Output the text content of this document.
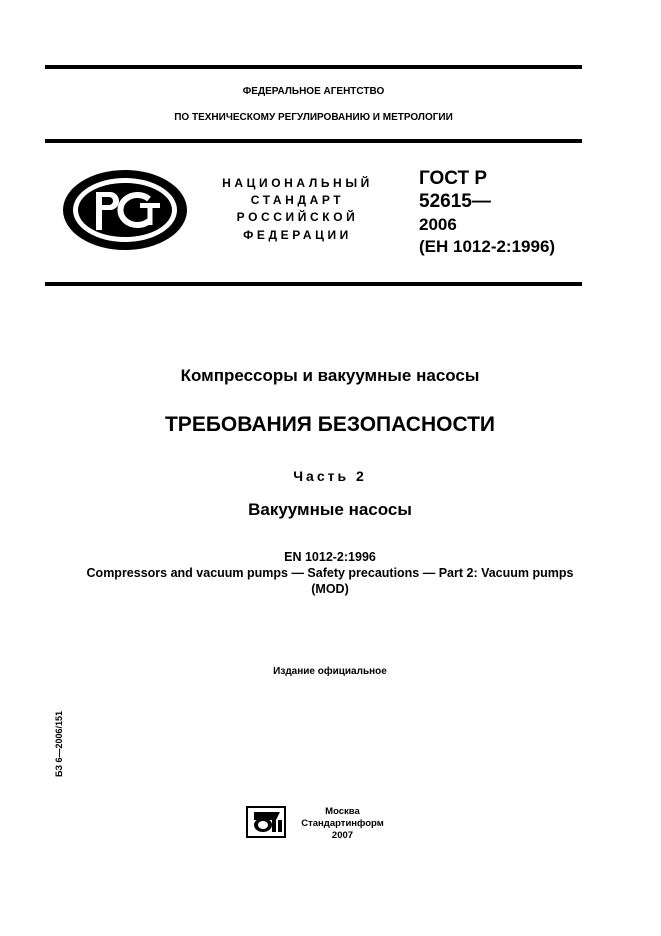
ФЕДЕРАЛЬНОЕ АГЕНТСТВО
ПО ТЕХНИЧЕСКОМУ РЕГУЛИРОВАНИЮ И МЕТРОЛОГИИ
НАЦИОНАЛЬНЫЙ
СТАНДАРТ
РОССИЙСКОЙ
ФЕДЕРАЦИИ
ГОСТ Р
52615—
2006
(ЕН 1012-2:1996)
Компрессоры и вакуумные насосы
ТРЕБОВАНИЯ БЕЗОПАСНОСТИ
Часть 2
Вакуумные насосы
EN 1012-2:1996
Compressors and vacuum pumps — Safety precautions — Part 2: Vacuum pumps
(MOD)
Издание официальное
БЗ 6—2006/151
Москва
Стандартинформ
2007
